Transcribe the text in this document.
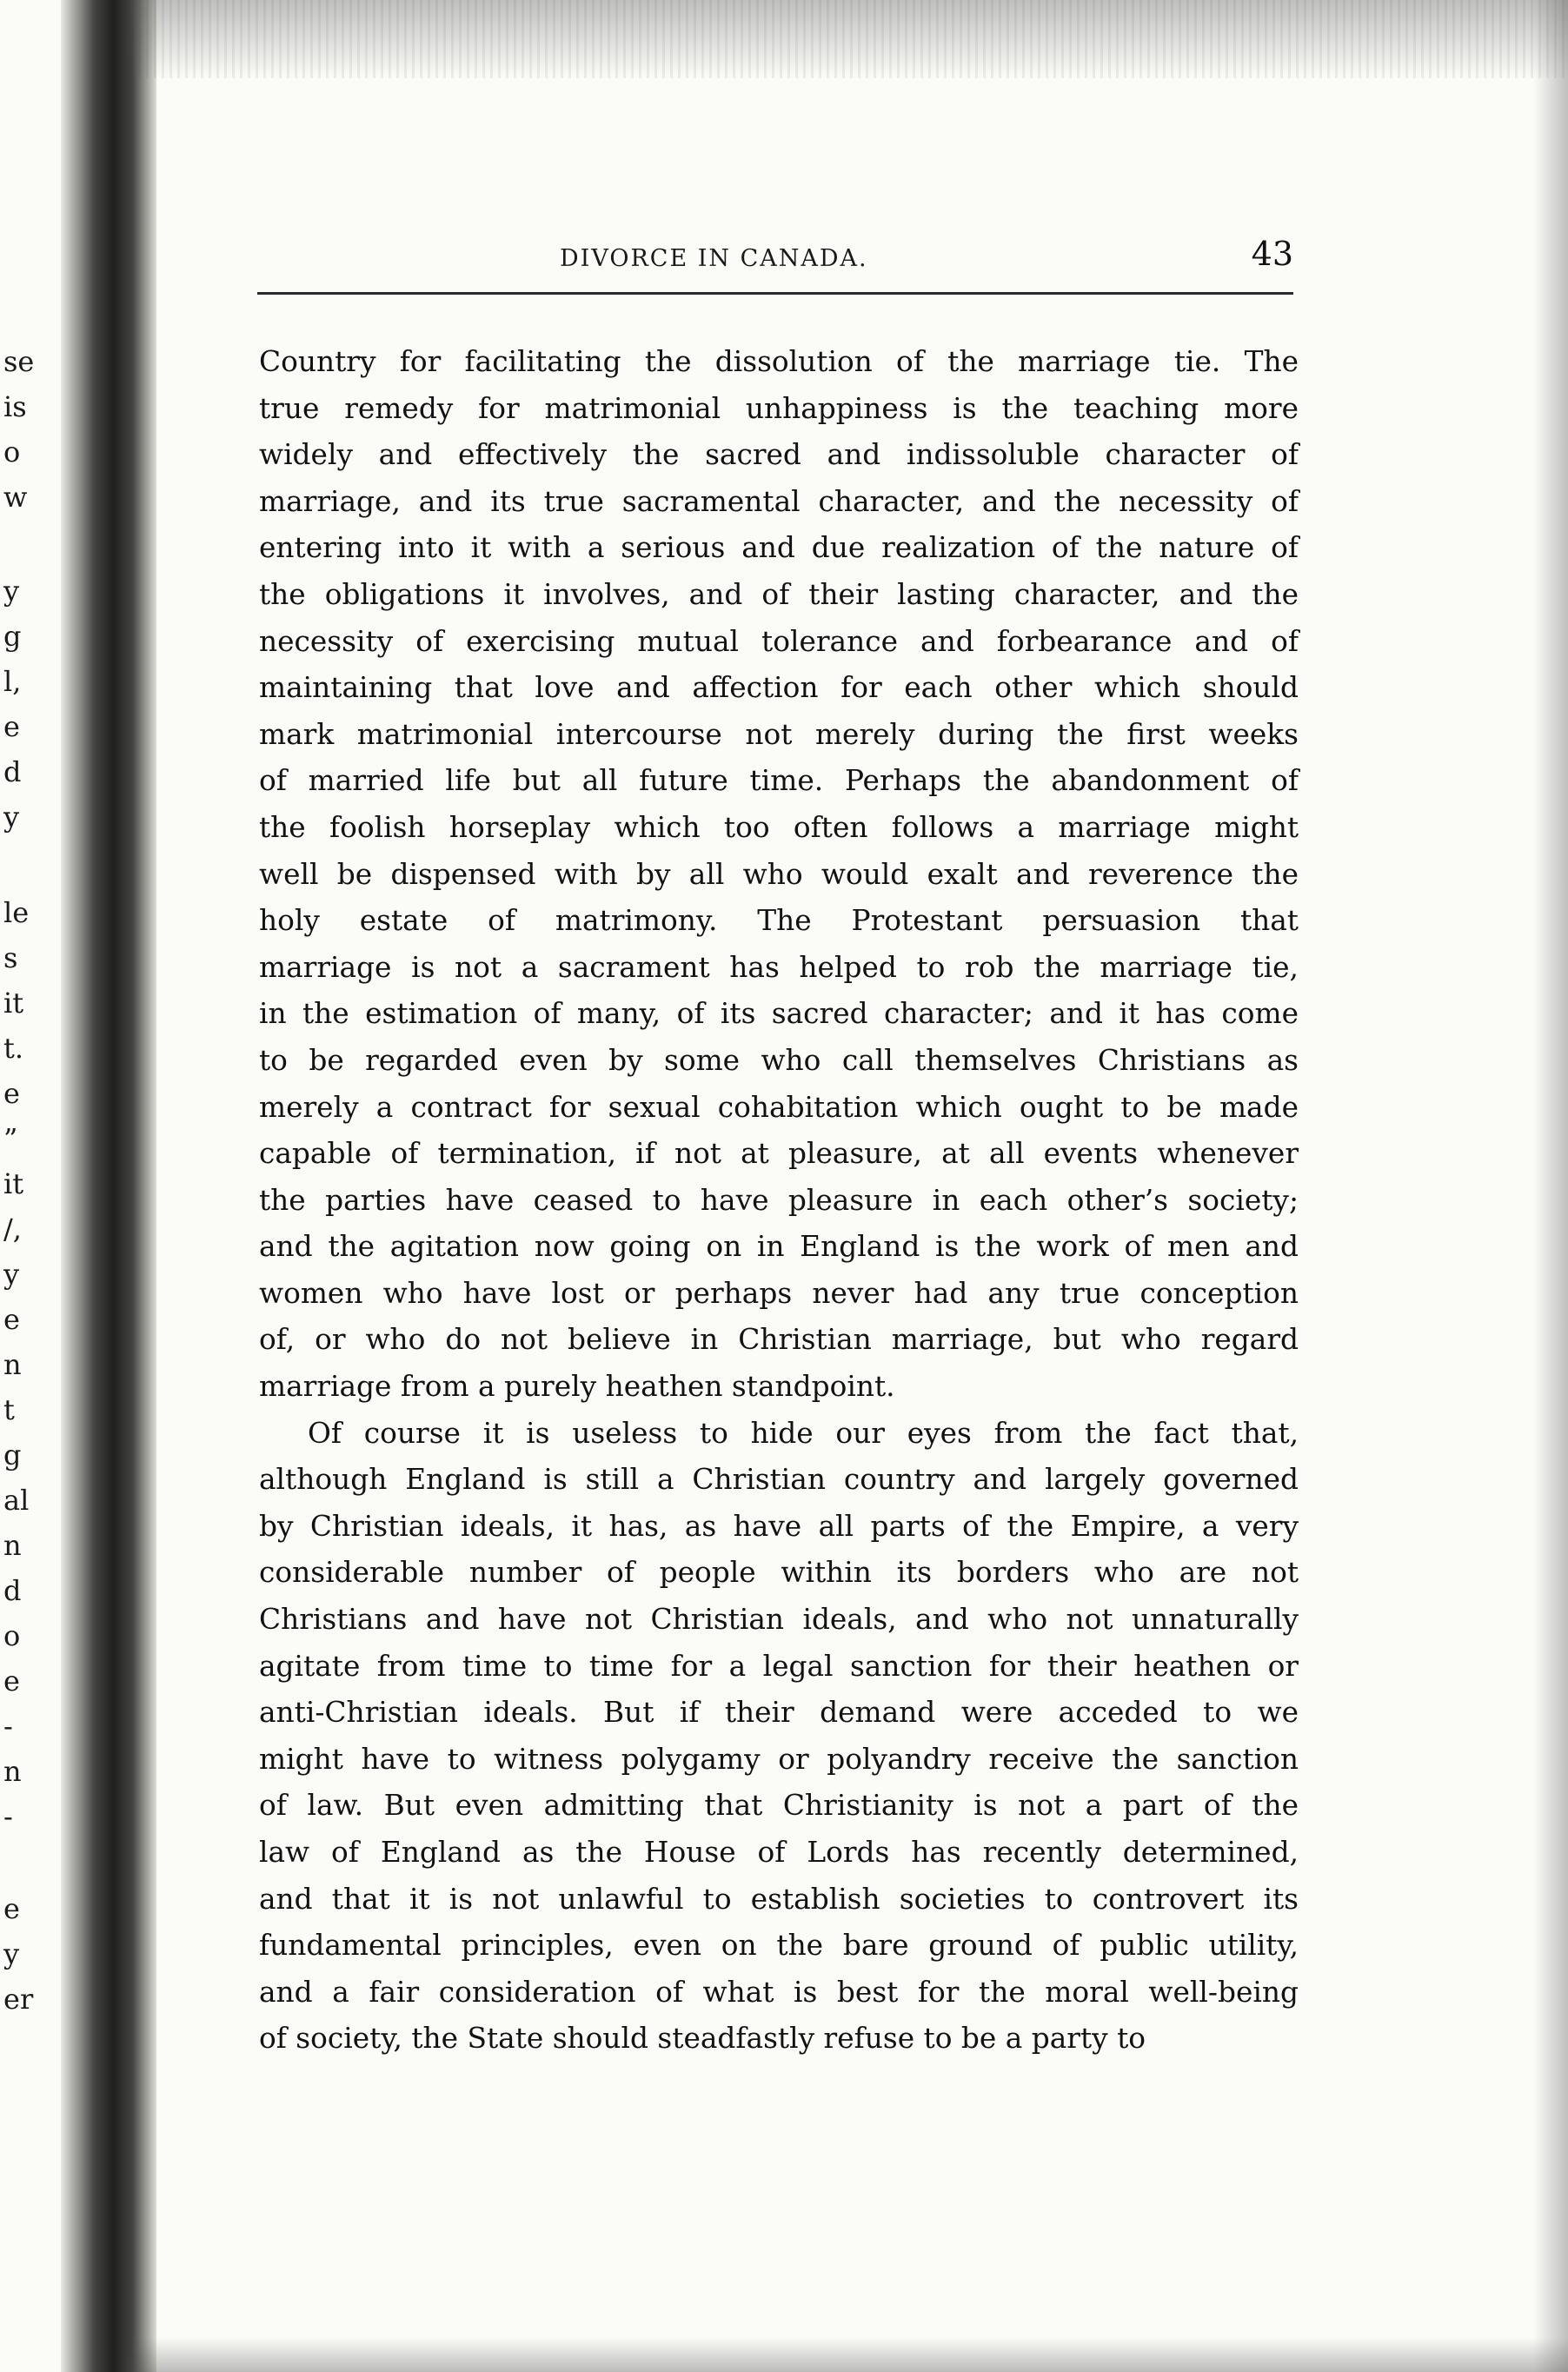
se
is
o
w
y
g
l,
e
d
y
le
s
it
t.
e
”
it
/,
y
e
n
t
g
al
n
d
o
e
-
n
-
e
y
er
DIVORCE IN CANADA.	43
Country for facilitating the dissolution of the marriage tie. The
true remedy for matrimonial unhappiness is the teaching more
widely and effectively the sacred and indissoluble character of
marriage, and its true sacramental character, and the necessity of
entering into it with a serious and due realization of the nature of
the obligations it involves, and of their lasting character, and the
necessity of exercising mutual tolerance and forbearance and of
maintaining that love and affection for each other which should
mark matrimonial intercourse not merely during the first weeks
of married life but all future time. Perhaps the abandonment of
the foolish horseplay which too often follows a marriage might
well be dispensed with by all who would exalt and reverence the
holy estate of matrimony. The Protestant persuasion that
marriage is not a sacrament has helped to rob the marriage tie,
in the estimation of many, of its sacred character; and it has come
to be regarded even by some who call themselves Christians as
merely a contract for sexual cohabitation which ought to be made
capable of termination, if not at pleasure, at all events whenever
the parties have ceased to have pleasure in each other’s society;
and the agitation now going on in England is the work of men and
women who have lost or perhaps never had any true conception
of, or who do not believe in Christian marriage, but who regard
marriage from a purely heathen standpoint.
Of course it is useless to hide our eyes from the fact that,
although England is still a Christian country and largely governed
by Christian ideals, it has, as have all parts of the Empire, a very
considerable number of people within its borders who are not
Christians and have not Christian ideals, and who not unnaturally
agitate from time to time for a legal sanction for their heathen or
anti-Christian ideals. But if their demand were acceded to we
might have to witness polygamy or polyandry receive the sanction
of law. But even admitting that Christianity is not a part of the
law of England as the House of Lords has recently determined,
and that it is not unlawful to establish societies to controvert its
fundamental principles, even on the bare ground of public utility,
and a fair consideration of what is best for the moral well-being
of society, the State should steadfastly refuse to be a party to
